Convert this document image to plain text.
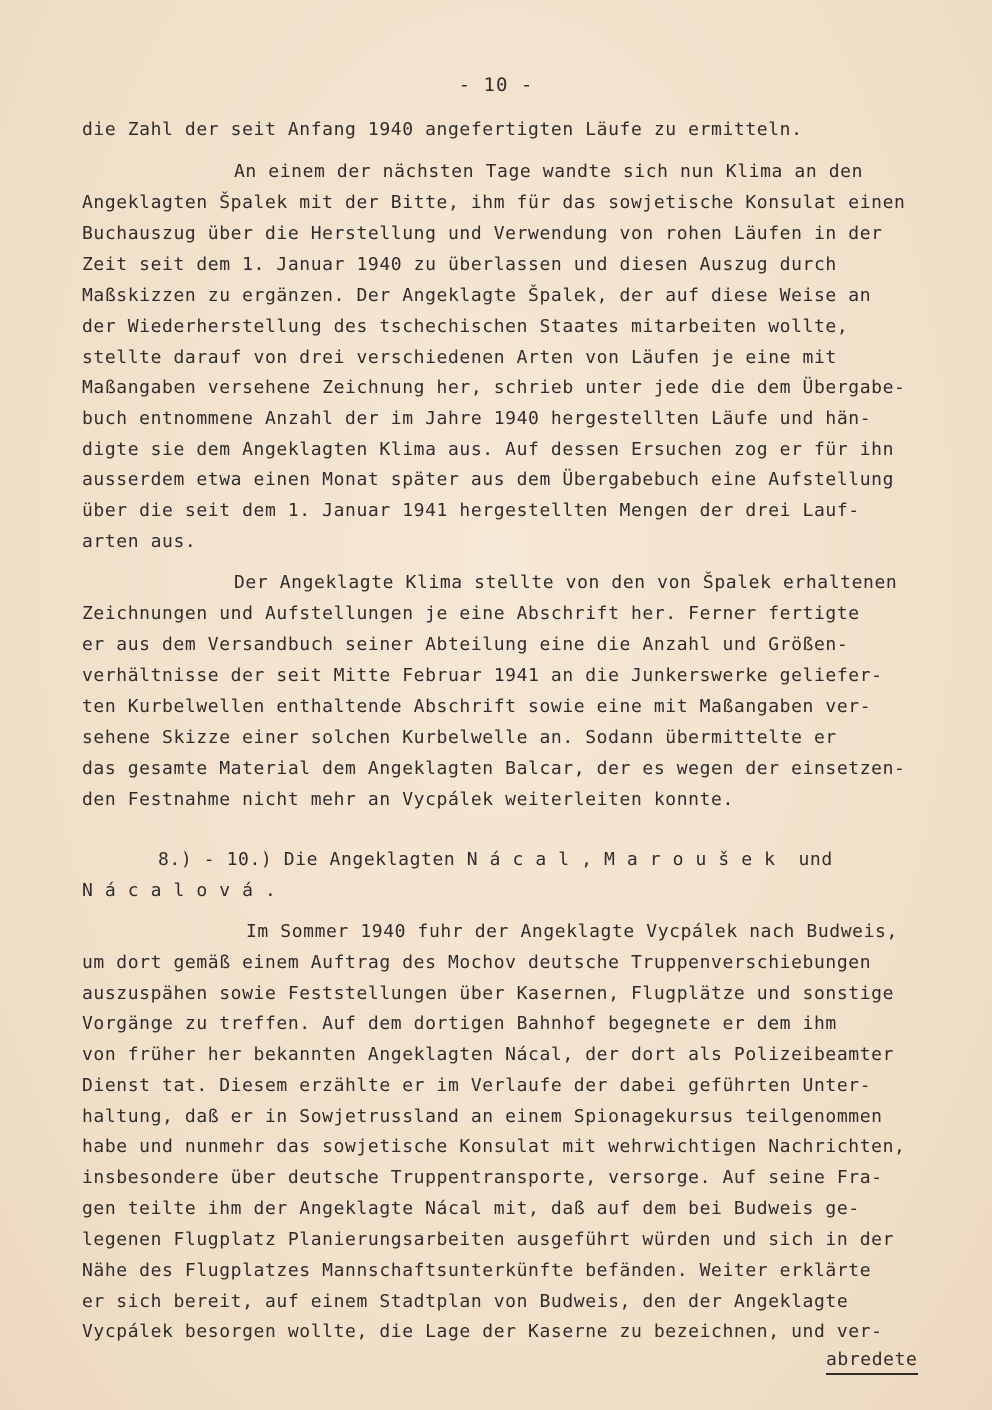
- 10 -
die Zahl der seit Anfang 1940 angefertigten Läufe zu ermitteln.
An einem der nächsten Tage wandte sich nun Klima an den
Angeklagten Špalek mit der Bitte, ihm für das sowjetische Konsulat einen
Buchauszug über die Herstellung und Verwendung von rohen Läufen in der
Zeit seit dem 1. Januar 1940 zu überlassen und diesen Auszug durch
Maßskizzen zu ergänzen. Der Angeklagte Špalek, der auf diese Weise an
der Wiederherstellung des tschechischen Staates mitarbeiten wollte,
stellte darauf von drei verschiedenen Arten von Läufen je eine mit
Maßangaben versehene Zeichnung her, schrieb unter jede die dem Übergabe-
buch entnommene Anzahl der im Jahre 1940 hergestellten Läufe und hän-
digte sie dem Angeklagten Klima aus. Auf dessen Ersuchen zog er für ihn
ausserdem etwa einen Monat später aus dem Übergabebuch eine Aufstellung
über die seit dem 1. Januar 1941 hergestellten Mengen der drei Lauf-
arten aus.
Der Angeklagte Klima stellte von den von Špalek erhaltenen
Zeichnungen und Aufstellungen je eine Abschrift her. Ferner fertigte
er aus dem Versandbuch seiner Abteilung eine die Anzahl und Größen-
verhältnisse der seit Mitte Februar 1941 an die Junkerswerke geliefer-
ten Kurbelwellen enthaltende Abschrift sowie eine mit Maßangaben ver-
sehene Skizze einer solchen Kurbelwelle an. Sodann übermittelte er
das gesamte Material dem Angeklagten Balcar, der es wegen der einsetzen-
den Festnahme nicht mehr an Vycpálek weiterleiten konnte.
8.) - 10.) Die Angeklagten N á c a l , M a r o u š e k  und
N á c a l o v á .
Im Sommer 1940 fuhr der Angeklagte Vycpálek nach Budweis,
um dort gemäß einem Auftrag des Mochov deutsche Truppenverschiebungen
auszuspähen sowie Feststellungen über Kasernen, Flugplätze und sonstige
Vorgänge zu treffen. Auf dem dortigen Bahnhof begegnete er dem ihm
von früher her bekannten Angeklagten Nácal, der dort als Polizeibeamter
Dienst tat. Diesem erzählte er im Verlaufe der dabei geführten Unter-
haltung, daß er in Sowjetrussland an einem Spionagekursus teilgenommen
habe und nunmehr das sowjetische Konsulat mit wehrwichtigen Nachrichten,
insbesondere über deutsche Truppentransporte, versorge. Auf seine Fra-
gen teilte ihm der Angeklagte Nácal mit, daß auf dem bei Budweis ge-
legenen Flugplatz Planierungsarbeiten ausgeführt würden und sich in der
Nähe des Flugplatzes Mannschaftsunterkünfte befänden. Weiter erklärte
er sich bereit, auf einem Stadtplan von Budweis, den der Angeklagte
Vycpálek besorgen wollte, die Lage der Kaserne zu bezeichnen, und ver-
abredete
